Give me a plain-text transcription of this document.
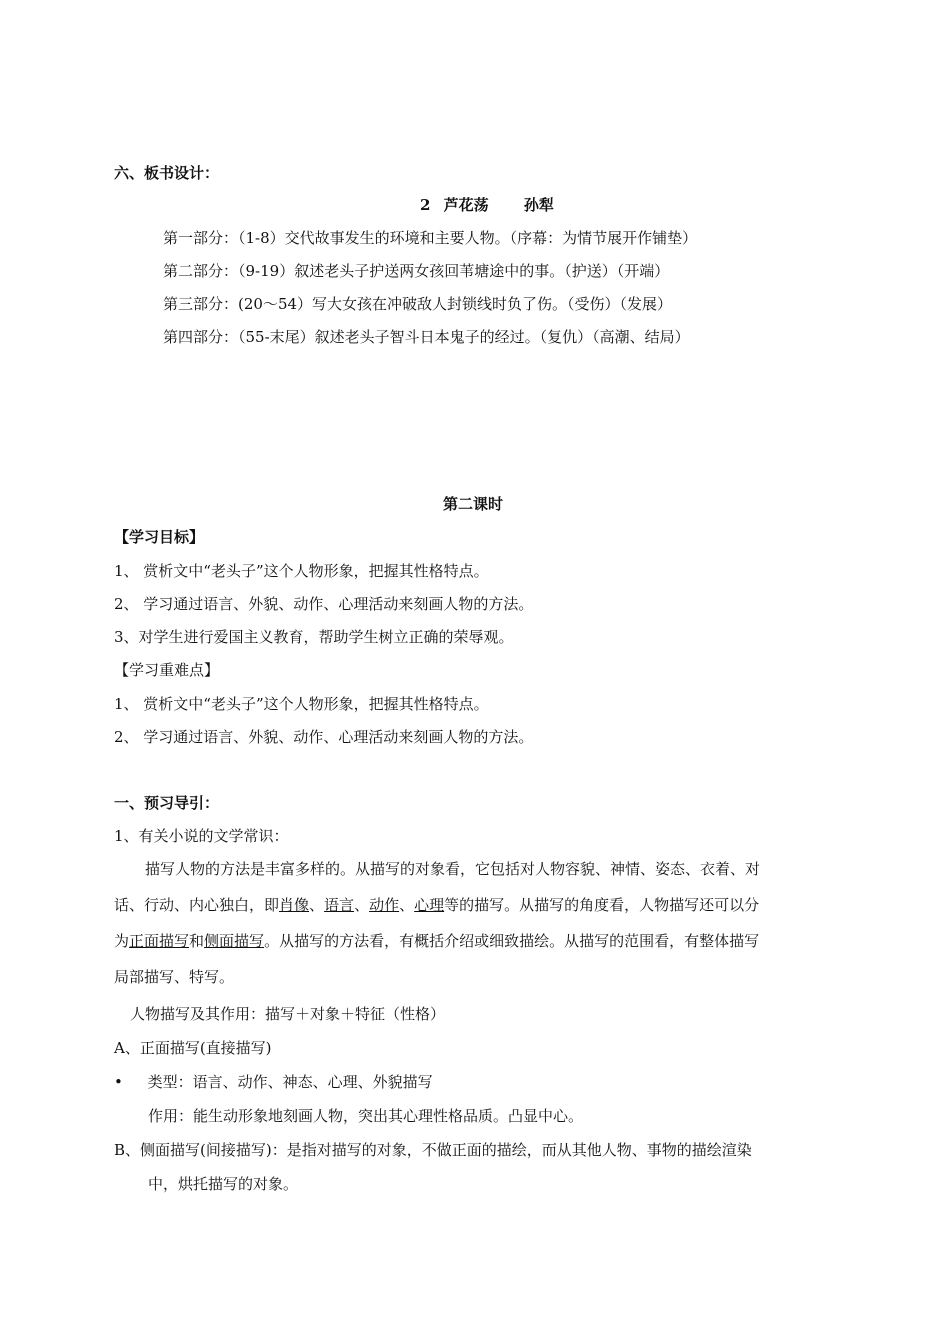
六、板书设计：
2 芦花荡 孙犁
第一部分：（1-8）交代故事发生的环境和主要人物。（序幕：为情节展开作铺垫）
第二部分：（9-19）叙述老头子护送两女孩回苇塘途中的事。（护送）（开端）
第三部分：(20～54）写大女孩在冲破敌人封锁线时负了伤。（受伤）（发展）
第四部分：（55-末尾）叙述老头子智斗日本鬼子的经过。（复仇）（高潮、结局）
第二课时
【学习目标】
1、 赏析文中“老头子”这个人物形象，把握其性格特点。
2、 学习通过语言、外貌、动作、心理活动来刻画人物的方法。
3、对学生进行爱国主义教育，帮助学生树立正确的荣辱观。
【学习重难点】
1、 赏析文中“老头子”这个人物形象，把握其性格特点。
2、 学习通过语言、外貌、动作、心理活动来刻画人物的方法。
一、预习导引：
1、有关小说的文学常识：
描写人物的方法是丰富多样的。从描写的对象看，它包括对人物容貌、神情、姿态、衣着、对
话、行动、内心独白，即肖像、语言、动作、心理等的描写。从描写的角度看，人物描写还可以分
为正面描写和侧面描写。从描写的方法看，有概括介绍或细致描绘。从描写的范围看，有整体描写
局部描写、特写。
人物描写及其作用：描写＋对象＋特征（性格）
A、正面描写(直接描写)
• 类型：语言、动作、神态、心理、外貌描写
作用：能生动形象地刻画人物，突出其心理性格品质。凸显中心。
B、侧面描写(间接描写)：是指对描写的对象，不做正面的描绘，而从其他人物、事物的描绘渲染
中，烘托描写的对象。
